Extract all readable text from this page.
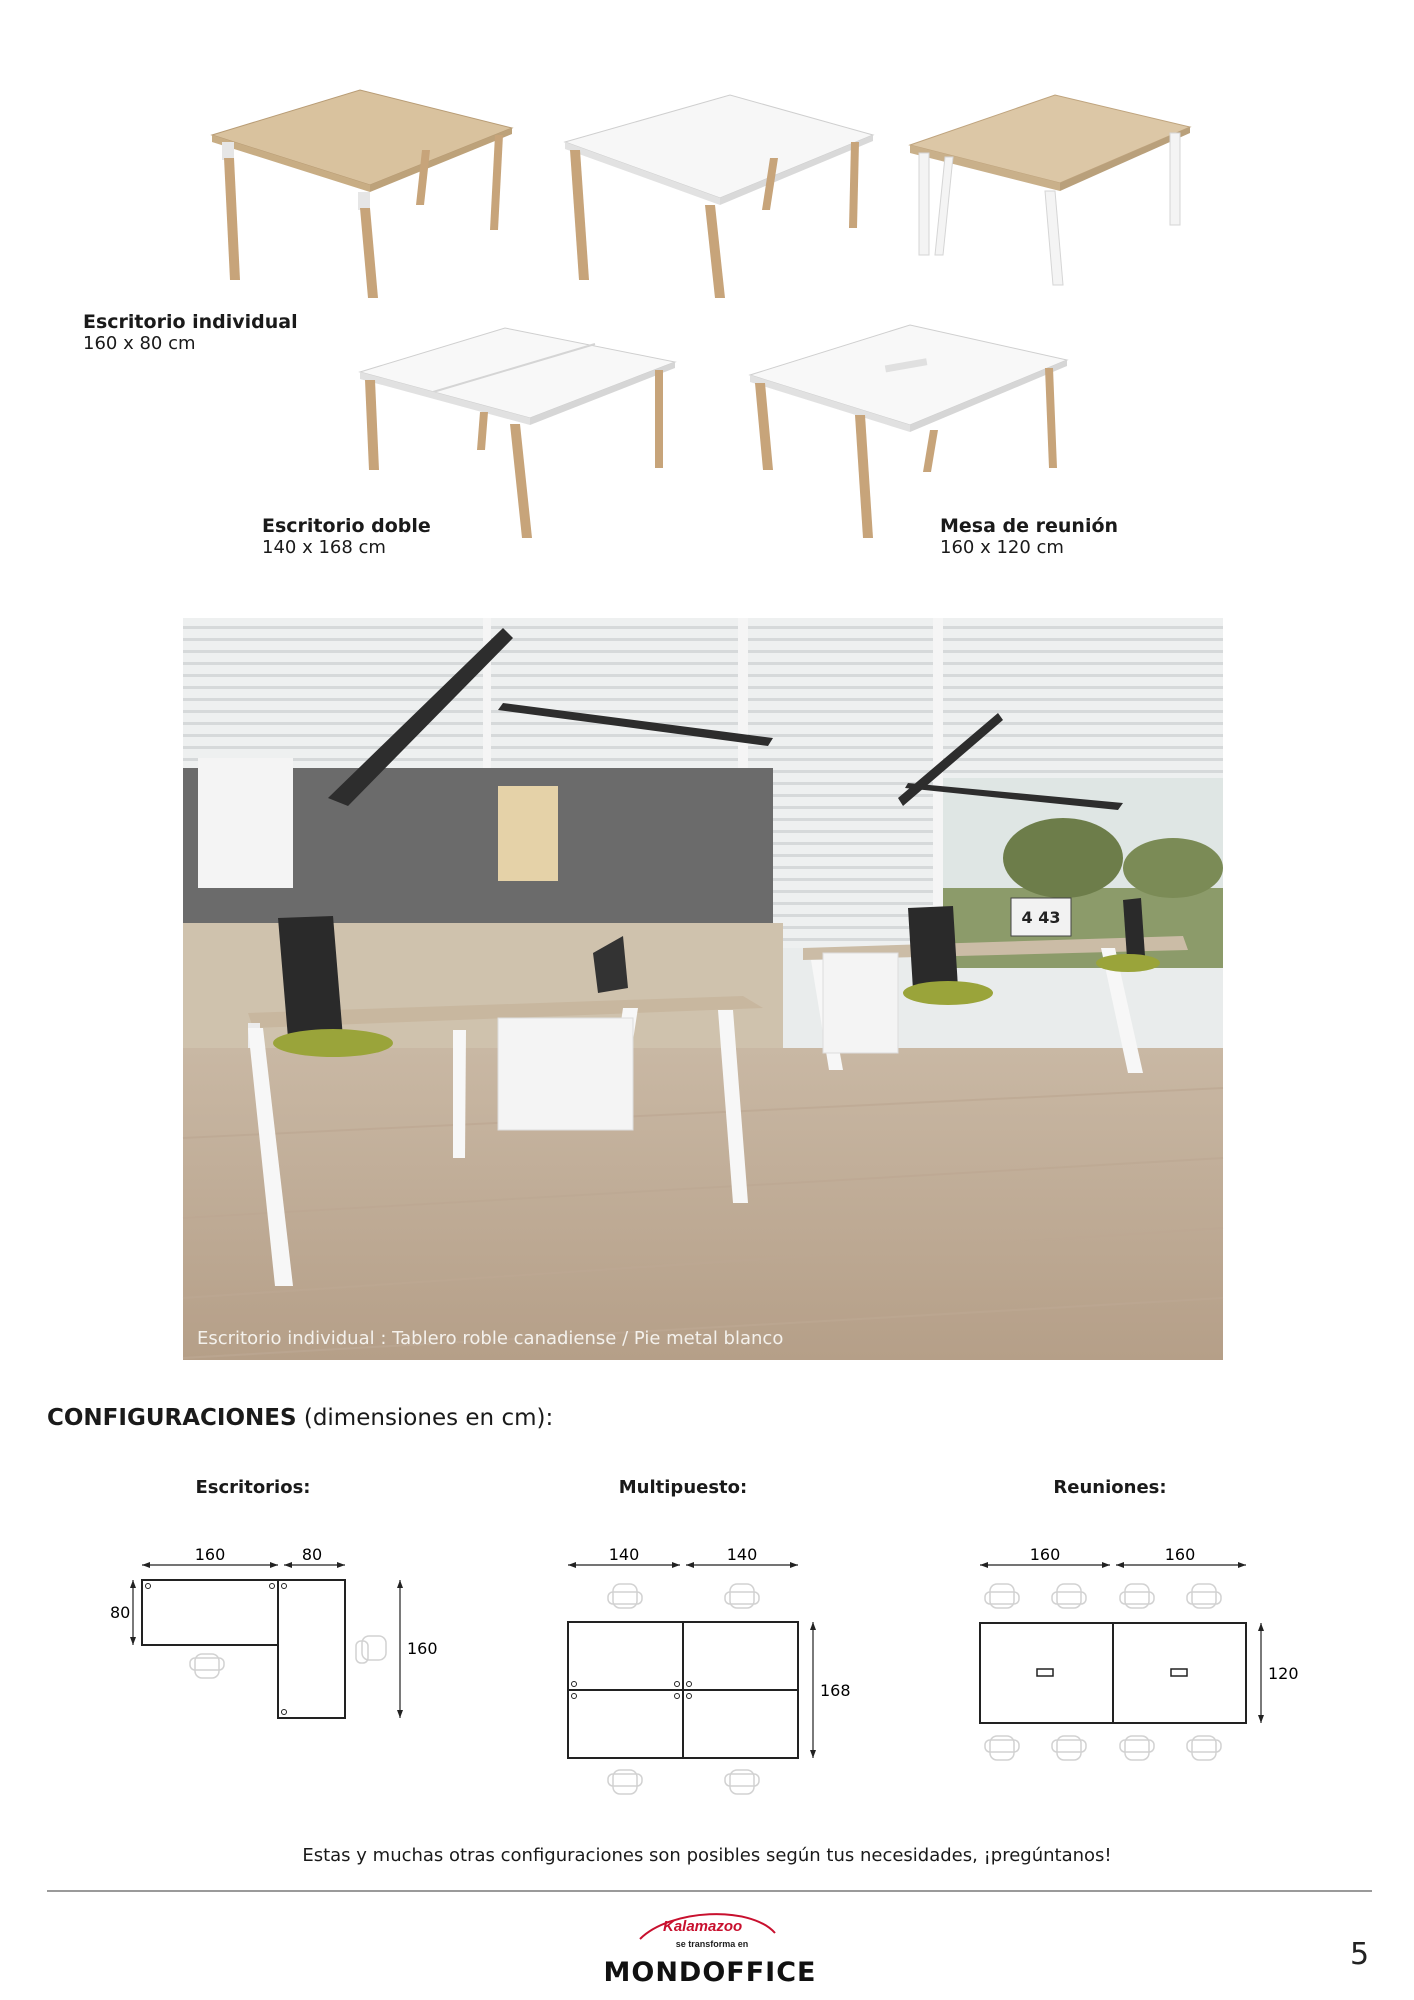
Escritorio individual
160 x 80 cm
Escritorio doble
140 x 168 cm
Mesa de reunión
160 x 120 cm
4 43
Escritorio individual : Tablero roble canadiense / Pie metal blanco
CONFIGURACIONES (dimensiones en cm):
Escritorios:	Multipuesto:	Reuniones:
160	80
80
160
140	140
168
160	160
120
Estas y muchas otras configuraciones son posibles según tus necesidades, ¡pregúntanos!
Kalamazoo
se transforma en
MONDOFFICE
5
